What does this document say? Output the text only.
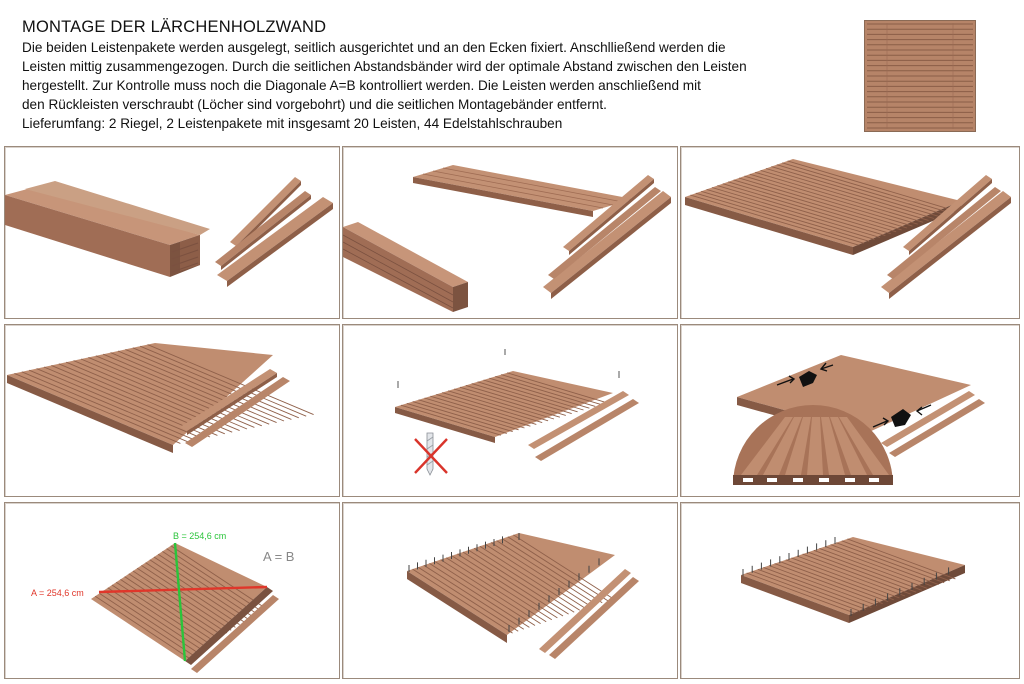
MONTAGE DER LÄRCHENHOLZWAND
Die beiden Leistenpakete werden ausgelegt, seitlich ausgerichtet und an den Ecken fixiert. Anschlließend werden die
Leisten mittig zusammengezogen. Durch die seitlichen Abstandsbänder wird der optimale Abstand zwischen den Leisten
hergestellt. Zur Kontrolle muss noch die Diagonale A=B kontrolliert werden. Die Leisten werden anschließend mit
den Rückleisten verschraubt (Löcher sind vorgebohrt) und die seitlichen Montagebänder entfernt.
Lieferumfang: 2 Riegel, 2 Leistenpakete mit insgesamt 20 Leisten, 44 Edelstahlschrauben
A = 254,6 cm
B = 254,6 cm
A = B
